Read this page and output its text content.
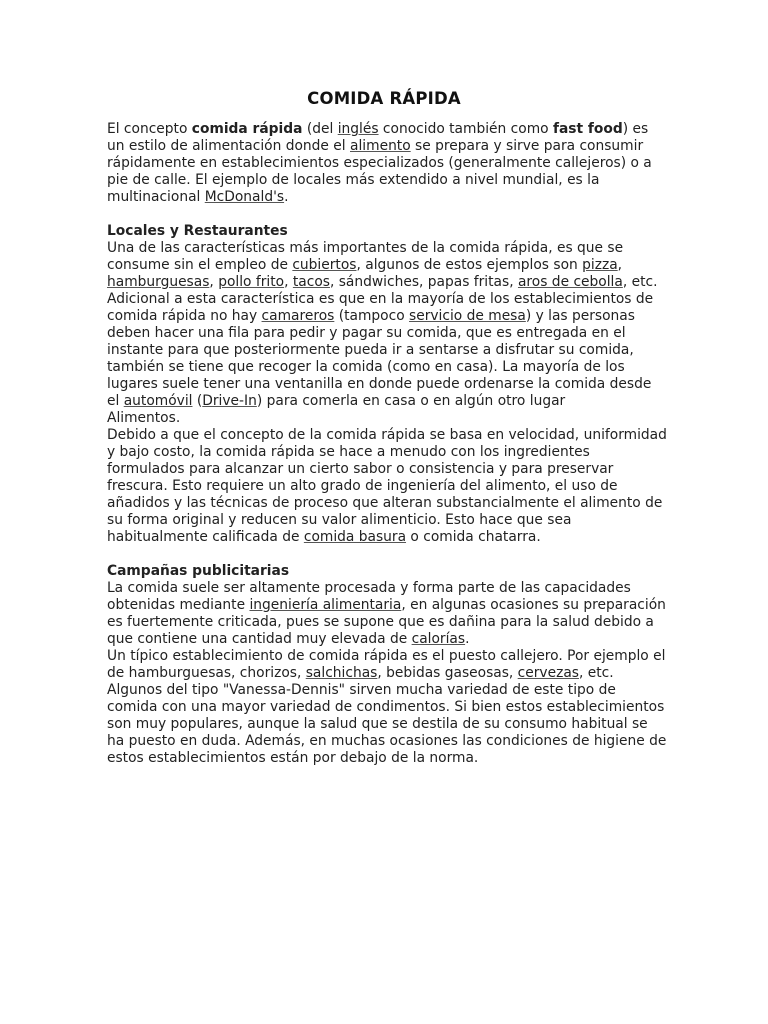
COMIDA RÁPIDA

El concepto comida rápida (del inglés conocido también como fast food) es un estilo de alimentación donde el alimento se prepara y sirve para consumir rápidamente en establecimientos especializados (generalmente callejeros) o a pie de calle. El ejemplo de locales más extendido a nivel mundial, es la multinacional McDonald's.

Locales y Restaurantes

Una de las características más importantes de la comida rápida, es que se consume sin el empleo de cubiertos, algunos de estos ejemplos son pizza, hamburguesas, pollo frito, tacos, sándwiches, papas fritas, aros de cebolla, etc. Adicional a esta característica es que en la mayoría de los establecimientos de comida rápida no hay camareros (tampoco servicio de mesa) y las personas deben hacer una fila para pedir y pagar su comida, que es entregada en el instante para que posteriormente pueda ir a sentarse a disfrutar su comida, también se tiene que recoger la comida (como en casa). La mayoría de los lugares suele tener una ventanilla en donde puede ordenarse la comida desde el automóvil (Drive-In) para comerla en casa o en algún otro lugar
Alimentos.

Debido a que el concepto de la comida rápida se basa en velocidad, uniformidad y bajo costo, la comida rápida se hace a menudo con los ingredientes formulados para alcanzar un cierto sabor o consistencia y para preservar frescura. Esto requiere un alto grado de ingeniería del alimento, el uso de añadidos y las técnicas de proceso que alteran substancialmente el alimento de su forma original y reducen su valor alimenticio. Esto hace que sea habitualmente calificada de comida basura o comida chatarra.

Campañas publicitarias

La comida suele ser altamente procesada y forma parte de las capacidades obtenidas mediante ingeniería alimentaria, en algunas ocasiones su preparación es fuertemente criticada, pues se supone que es dañina para la salud debido a que contiene una cantidad muy elevada de calorías.

Un típico establecimiento de comida rápida es el puesto callejero. Por ejemplo el de hamburguesas, chorizos, salchichas, bebidas gaseosas, cervezas, etc. Algunos del tipo "Vanessa-Dennis" sirven mucha variedad de este tipo de comida con una mayor variedad de condimentos. Si bien estos establecimientos son muy populares, aunque la salud que se destila de su consumo habitual se ha puesto en duda. Además, en muchas ocasiones las condiciones de higiene de estos establecimientos están por debajo de la norma.
